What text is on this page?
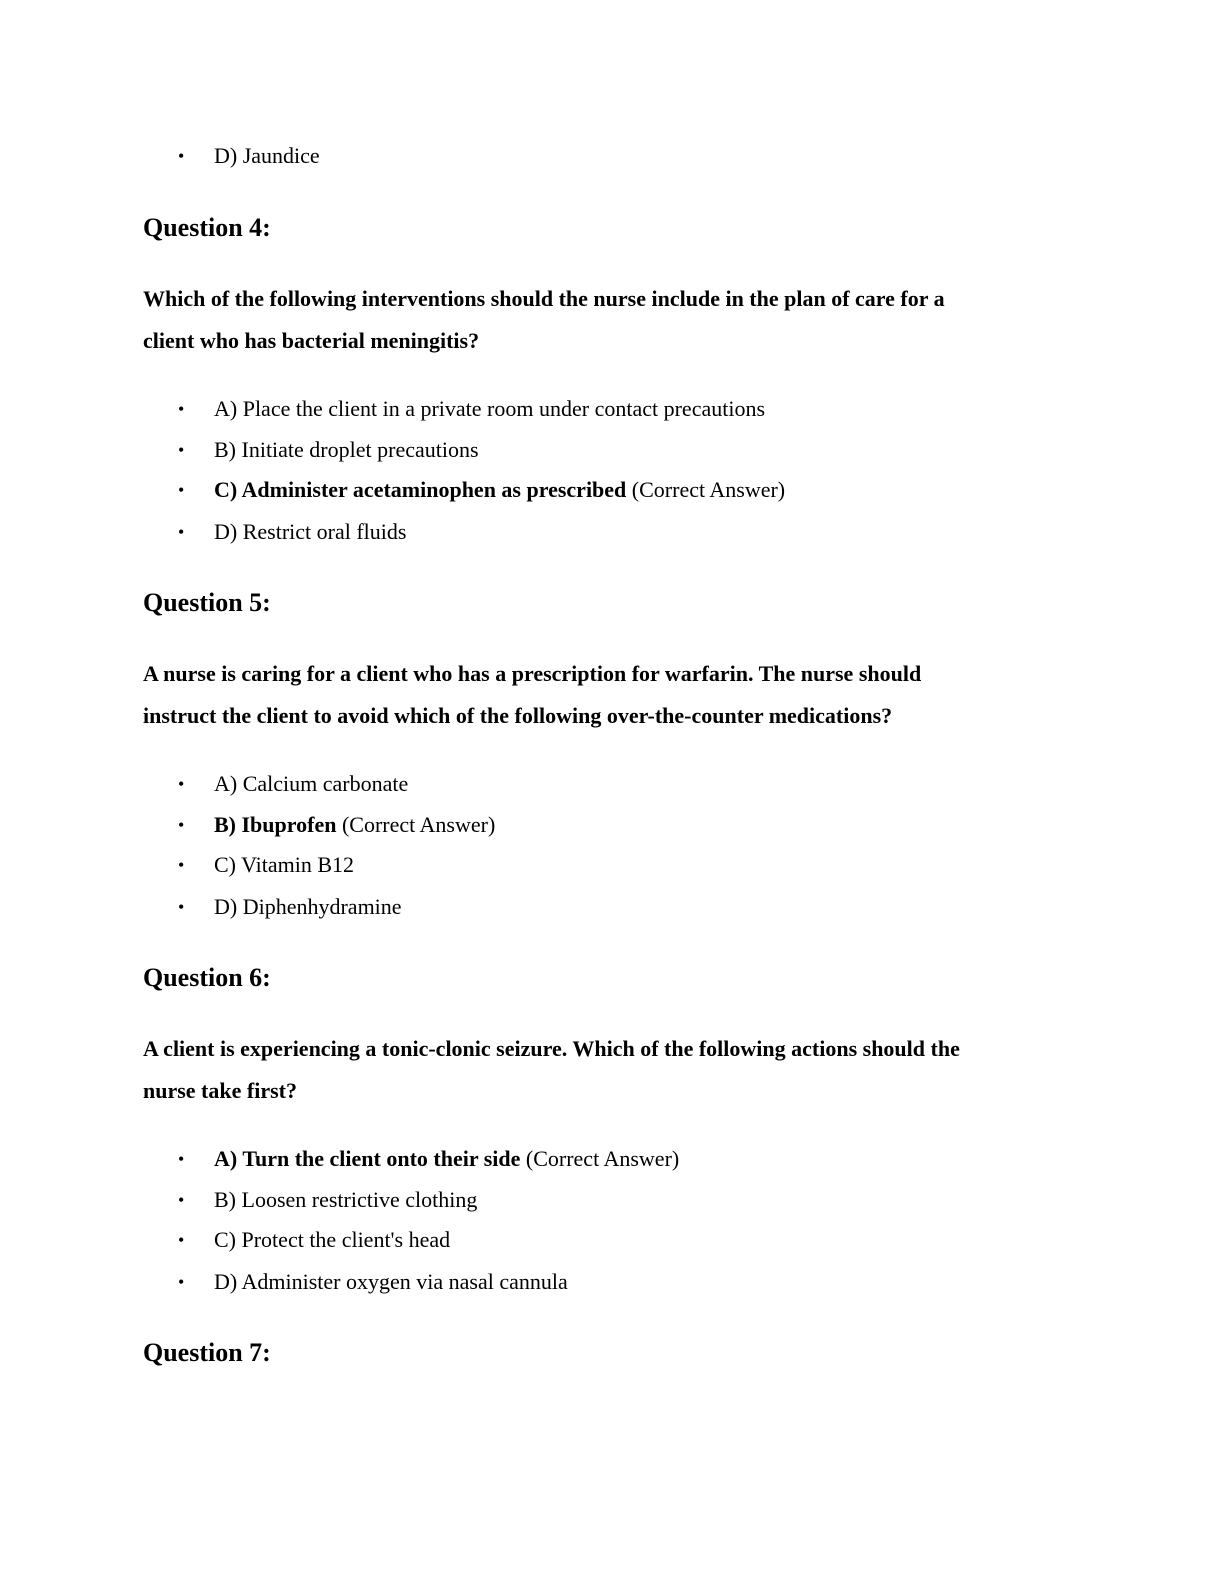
• D) Jaundice
Question 4:
Which of the following interventions should the nurse include in the plan of care for a
client who has bacterial meningitis?
• A) Place the client in a private room under contact precautions
• B) Initiate droplet precautions
• C) Administer acetaminophen as prescribed (Correct Answer)
• D) Restrict oral fluids
Question 5:
A nurse is caring for a client who has a prescription for warfarin. The nurse should
instruct the client to avoid which of the following over-the-counter medications?
• A) Calcium carbonate
• B) Ibuprofen (Correct Answer)
• C) Vitamin B12
• D) Diphenhydramine
Question 6:
A client is experiencing a tonic-clonic seizure. Which of the following actions should the
nurse take first?
• A) Turn the client onto their side (Correct Answer)
• B) Loosen restrictive clothing
• C) Protect the client's head
• D) Administer oxygen via nasal cannula
Question 7:
